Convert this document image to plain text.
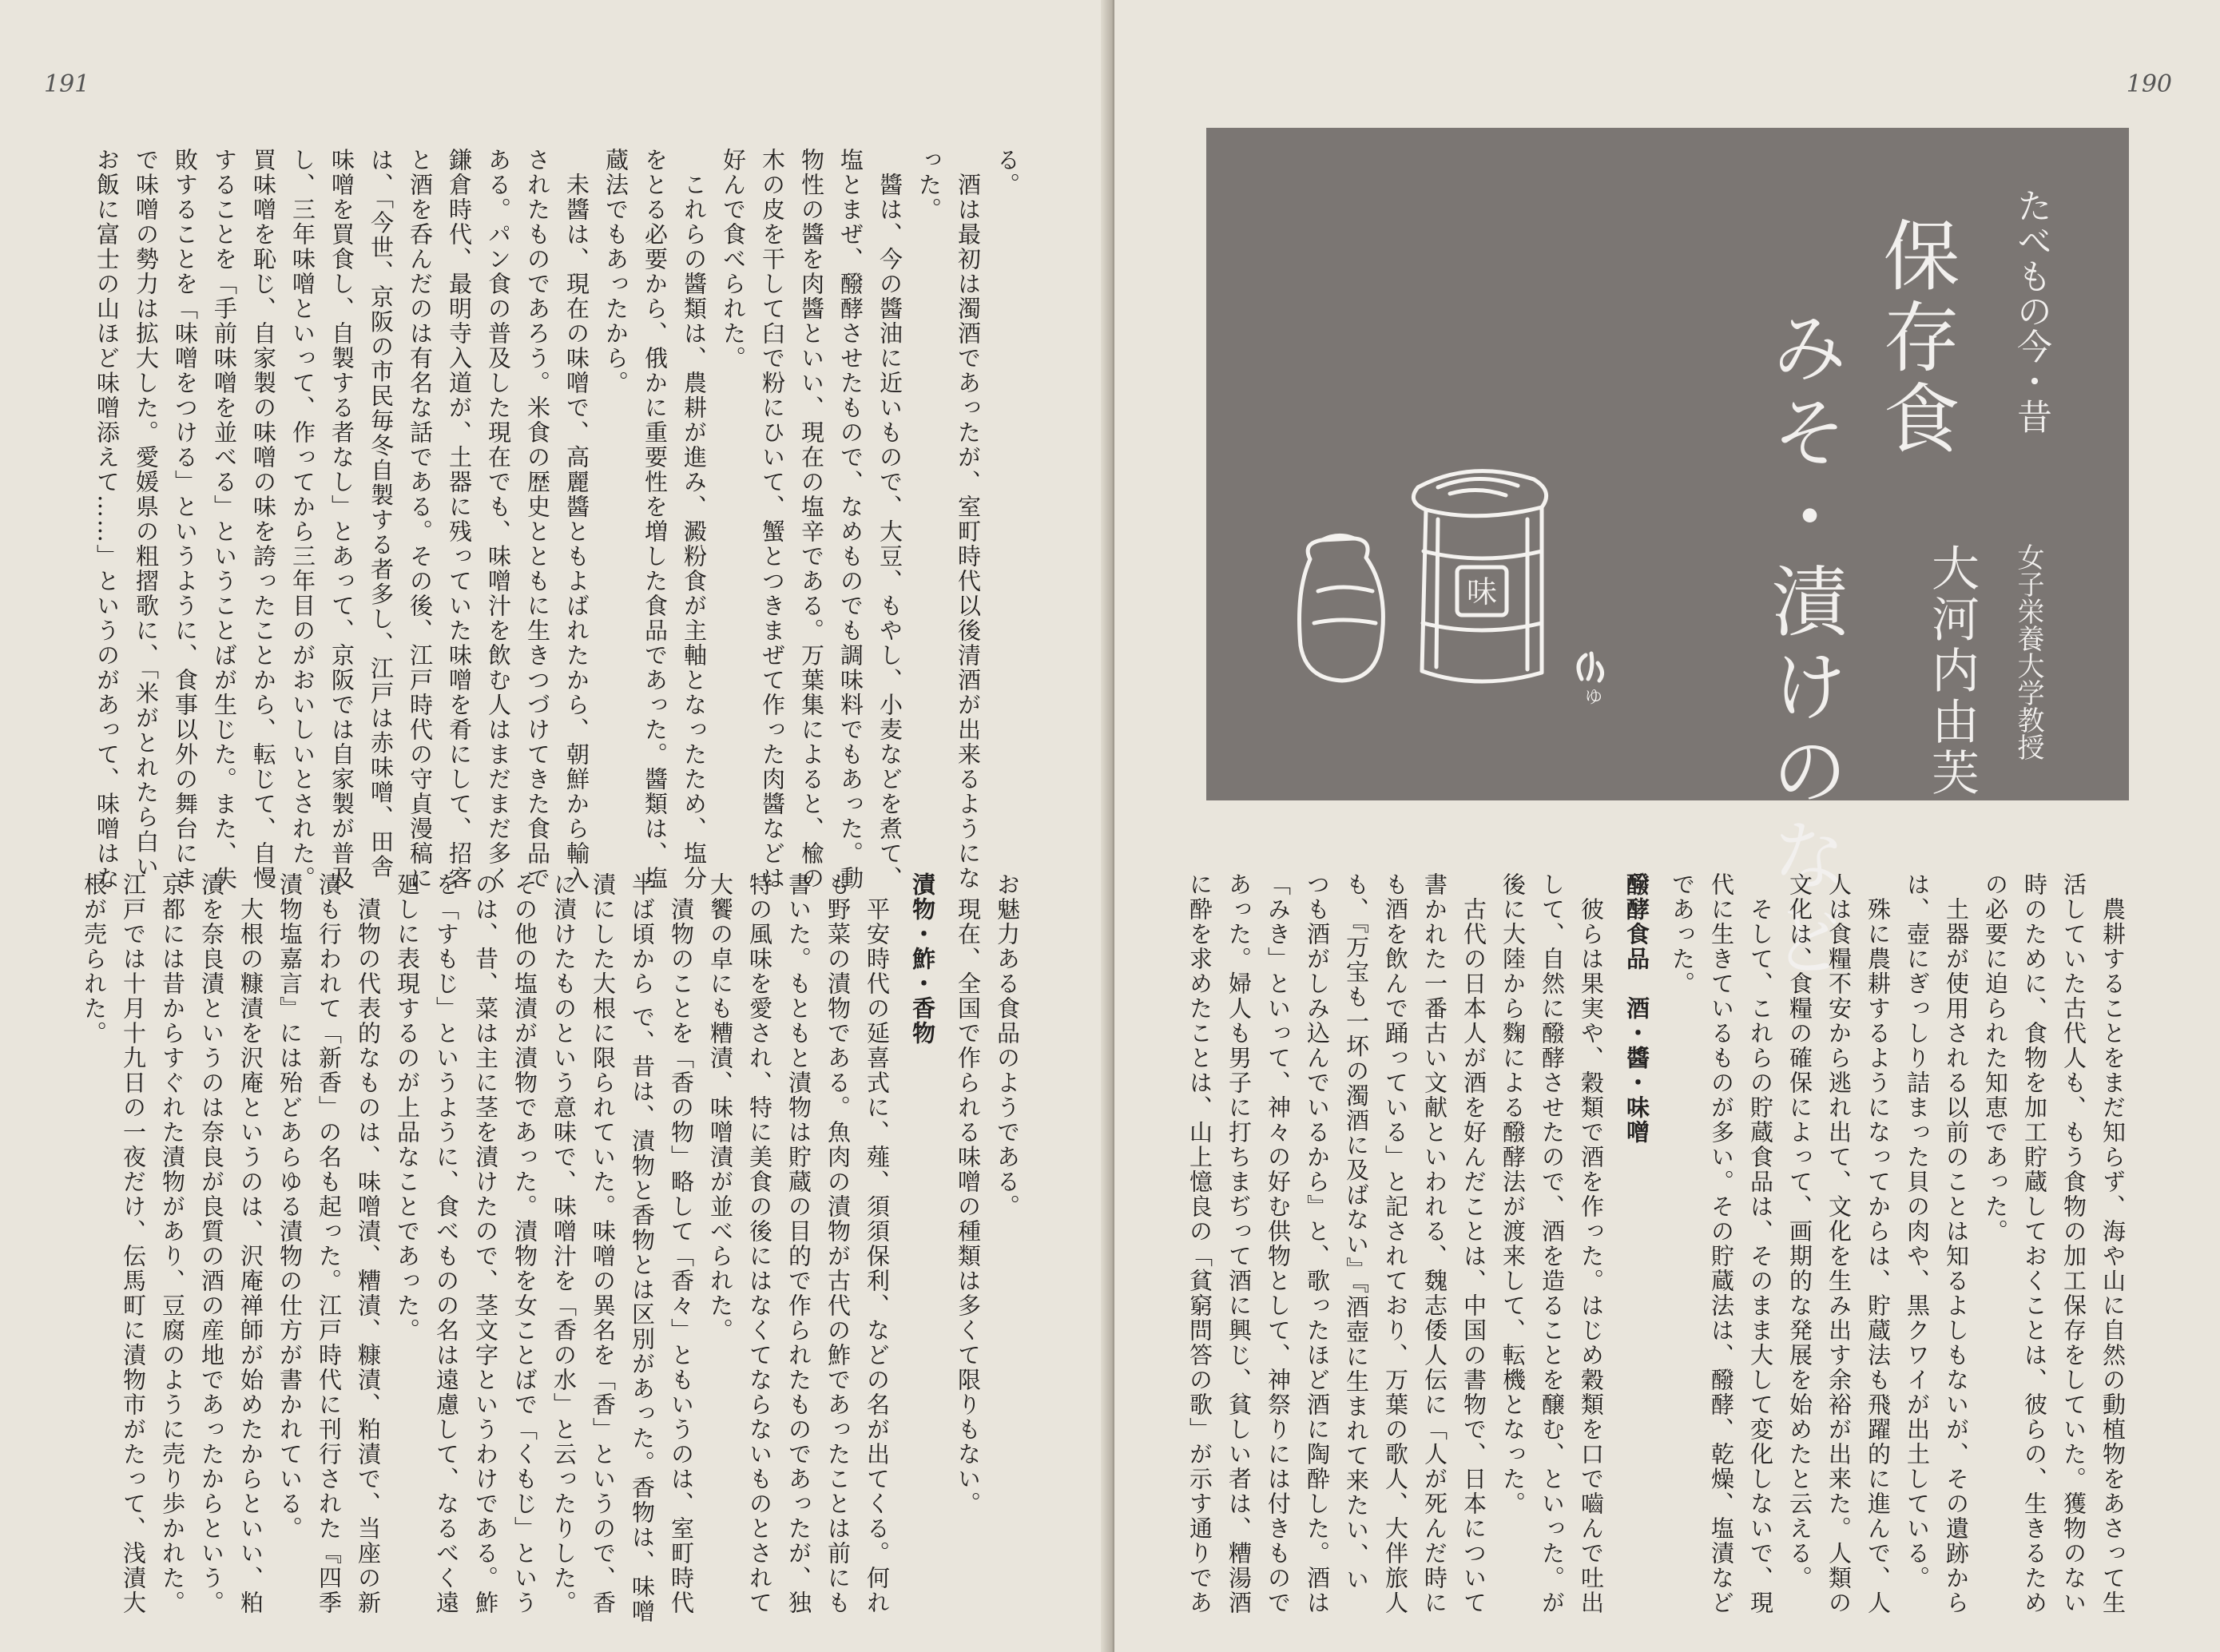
191
る。
　酒は最初は濁酒であったが、室町時代以後清酒が出来るようにな
った。
　醬は、今の醬油に近いもので、大豆、もやし、小麦などを煮て、
塩とまぜ、醱酵させたもので、なめものでも調味料でもあった。動
物性の醬を肉醬といい、現在の塩辛である。万葉集によると、楡の
木の皮を干して臼で粉にひいて、蟹とつきまぜて作った肉醬などは
好んで食べられた。
　これらの醬類は、農耕が進み、澱粉食が主軸となったため、塩分
をとる必要から、俄かに重要性を増した食品であった。醬類は、塩
蔵法でもあったから。
　未醬は、現在の味噌で、高麗醬ともよばれたから、朝鮮から輸入
されたものであろう。米食の歴史とともに生きつづけてきた食品で
ある。パン食の普及した現在でも、味噌汁を飲む人はまだまだ多く
鎌倉時代、最明寺入道が、土器に残っていた味噌を肴にして、招客
と酒を呑んだのは有名な話である。その後、江戸時代の守貞漫稿に
は、「今世、京阪の市民毎冬自製する者多し、江戸は赤味噌、田舎
味噌を買食し、自製する者なし」とあって、京阪では自家製が普及
し、三年味噌といって、作ってから三年目のがおいしいとされた。
買味噌を恥じ、自家製の味噌の味を誇ったことから、転じて、自慢
することを「手前味噌を並べる」ということばが生じた。また、失
敗することを「味噌をつける」というように、食事以外の舞台にま
で味噌の勢力は拡大した。愛媛県の粗摺歌に、「米がとれたら白い
お飯に富士の山ほど味噌添えて……」というのがあって、味噌はな
お魅力ある食品のようである。
　現在、全国で作られる味噌の種類は多くて限りもない。
漬物・鮓・香物
　平安時代の延喜式に、薤、須須保利、などの名が出てくる。何れ
も野菜の漬物である。魚肉の漬物が古代の鮓であったことは前にも
書いた。もともと漬物は貯蔵の目的で作られたものであったが、独
特の風味を愛され、特に美食の後にはなくてならないものとされて
大饗の卓にも糟漬、味噌漬が並べられた。
　漬物のことを「香の物」略して「香々」ともいうのは、室町時代
半ば頃から で、昔は、漬物と香物とは区別があった。香物は、味噌
漬にした大根に限られていた。味噌の異名を「香」というので、香
に漬けたものという意味で、味噌汁を「香の水」と云ったりした。
その他の塩漬が漬物であった。漬物を女ことばで「くもじ」という
のは、昔、菜は主に茎を漬けたので、茎文字というわけである。鮓
を「すもじ」というように、食べものの名は遠慮して、なるべく遠
廻しに表現するのが上品なことであった。
　漬物の代表的なものは、味噌漬、糟漬、糠漬、粕漬で、当座の新
漬も行われて「新香」の名も起った。江戸時代に刊行された『四季
漬物塩嘉言』には殆どあらゆる漬物の仕方が書かれている。
　大根の糠漬を沢庵というのは、沢庵禅師が始めたからといい、粕
漬を奈良漬というのは奈良が良質の酒の産地であったからという。
京都には昔からすぐれた漬物があり、豆腐のように売り歩かれた。
江戸では十月十九日の一夜だけ、伝馬町に漬物市がたって、浅漬大
根が売られた。
190
たべもの今・昔
保存食
みそ・漬けのなど 大河内由芙 女子栄養大学教授
味
ゆ
　農耕することをまだ知らず、海や山に自然の動植物をあさって生
活していた古代人も、もう食物の加工保存をしていた。獲物のない
時のために、食物を加工貯蔵しておくことは、彼らの、生きるため
の必要に迫られた知恵であった。
　土器が使用される以前のことは知るよしもないが、その遺跡から
は、壺にぎっしり詰まった貝の肉や、黒クワイが出土している。
　殊に農耕するようになってからは、貯蔵法も飛躍的に進んで、人
人は食糧不安から逃れ出て、文化を生み出す余裕が出来た。人類の
文化は、食糧の確保によって、画期的な発展を始めたと云える。
　そして、これらの貯蔵食品は、そのまま大して変化しないで、現
代に生きているものが多い。その貯蔵法は、醱酵、乾燥、塩漬など
であった。
醱酵食品　酒・醬・味噌
　彼らは果実や、穀類で酒を作った。はじめ穀類を口で嚙んで吐出
して、自然に醱酵させたので、酒を造ることを醸む、といった。が
後に大陸から麴による醱酵法が渡来して、転機となった。
　古代の日本人が酒を好んだことは、中国の書物で、日本について
書かれた一番古い文献といわれる、魏志倭人伝に「人が死んだ時に
も酒を飲んで踊っている」と記されており、万葉の歌人、大伴旅人
も、『万宝も一坏の濁酒に及ばない』『酒壺に生まれて来たい、い
つも酒がしみ込んでいるから』と、歌ったほど酒に陶酔した。酒は
「みき」といって、神々の好む供物として、神祭りには付きもので
あった。婦人も男子に打ちまぢって酒に興じ、貧しい者は、糟湯酒
に酔を求めたことは、山上憶良の「貧窮問答の歌」が示す通りであ
